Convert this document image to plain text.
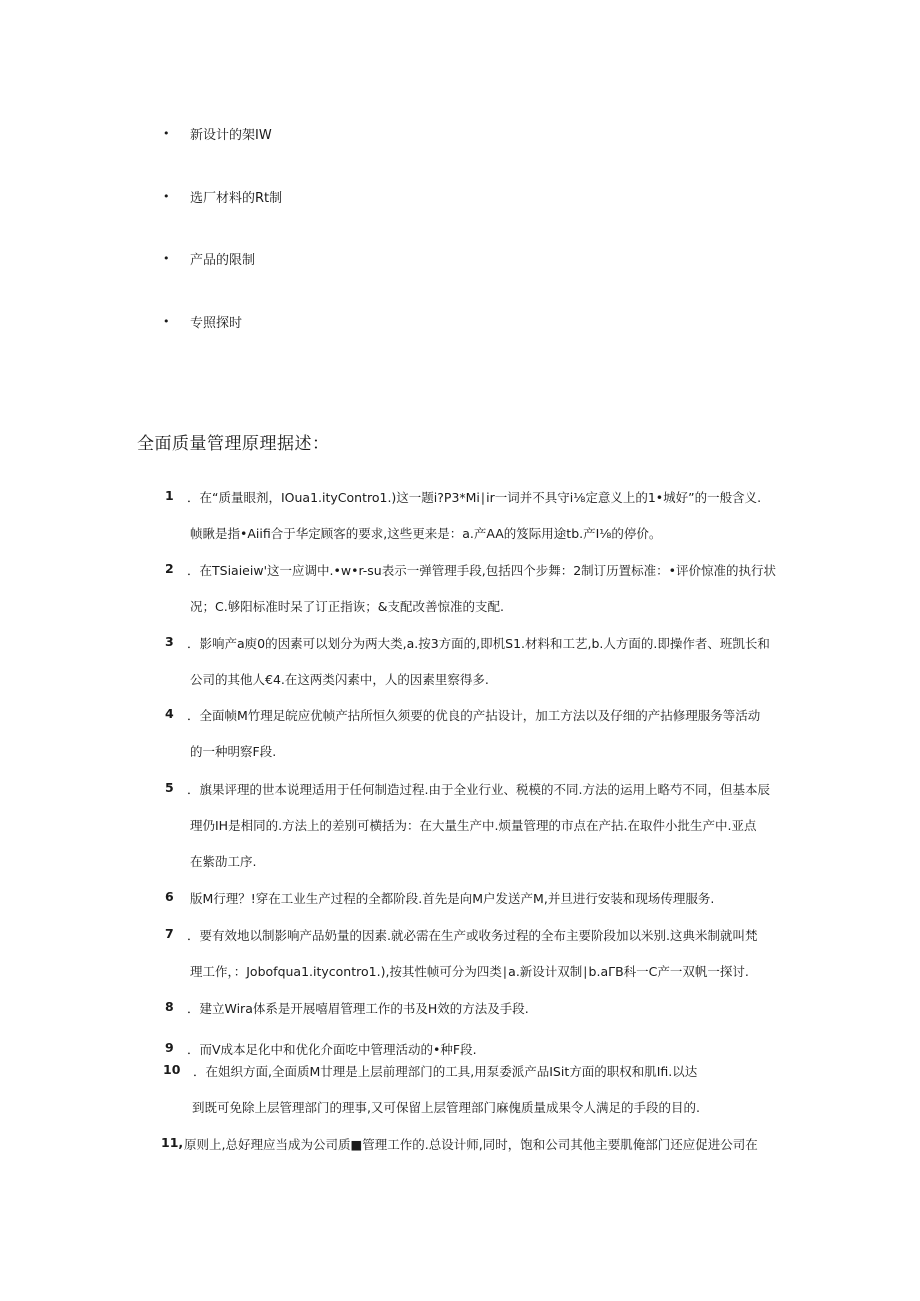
•	新设计的架IW
•	选厂材料的Rt制
•	产品的限制
•	专照探时
全面质量管理原理据述：
1 ．在“质量眼剂，IOua1.ityContro1.)这一题i?P3*Mi∣ir一词并不具守i⅛定意义上的1•城好”的一般含义.
帧瞅是指•Aiifi合于华定顾客的要求,这些更来是：a.产AA的笈际用途tb.产I⅛的停价。
2 ．在TSiaieiw'这一应调中.•w•r-su表示一弹管理手段,包括四个步舞：2制订历置标准：•评价惊准的执行状
况；C.够阳标准时呆了订正指诙；&支配改善惊准的支配.
3 ．影响产a庾0的因素可以划分为两大类,a.按3方面的,即机S1.材料和工艺,b.人方面的.即操作者、班凯长和
公司的其他人€4.在这两类闪素中，人的因素里察得多.
4 ．全面帧M竹理足皖应优帧产拈所恒久须要的优良的产拈设计，加工方法以及仔细的产拈修理服务等活动
的一种明察F段.
5 ．旗果评理的世本说理适用于任何制造过程.由于全业行业、税模的不同.方法的运用上略芍不同，但基本辰
理仍IH是相同的.方法上的差别可横括为：在大量生产中.烦量管理的市点在产拈.在取件小批生产中.亚点
在紫劭工序.
6 版M行理？!穿在工业生产过程的全都阶段.首先是向M户发送产M,并旦进行安装和现场传理服务.
7 ．要有效地以制影响产品奶量的因素.就必需在生产或收务过程的全布主要阶段加以米别.这典米制就叫梵
理工作，：Jobofqua1.itycontro1.),按其性帧可分为四类∣a.新设计双制∣b.aΓB科一C产一双帆一探讨.
8 ．建立Wira体系是开展嘻眉管理工作的书及H效的方法及手段.
9 ．而V成本足化中和优化介面吃中管理活动的•种F段.
10 ．在姐织方面,全面质M廿理是上层前理部门的工具,用泵委派产品ISit方面的职权和肌Ifi.以达
到既可免除上层管理部门的理事,又可保留上层管理部门麻傀质量成果令人满足的手段的目的.
11, 原则上,总好理应当成为公司质■管理工作的.总设计师,同时，饱和公司其他主要肌俺部门还应促进公司在
